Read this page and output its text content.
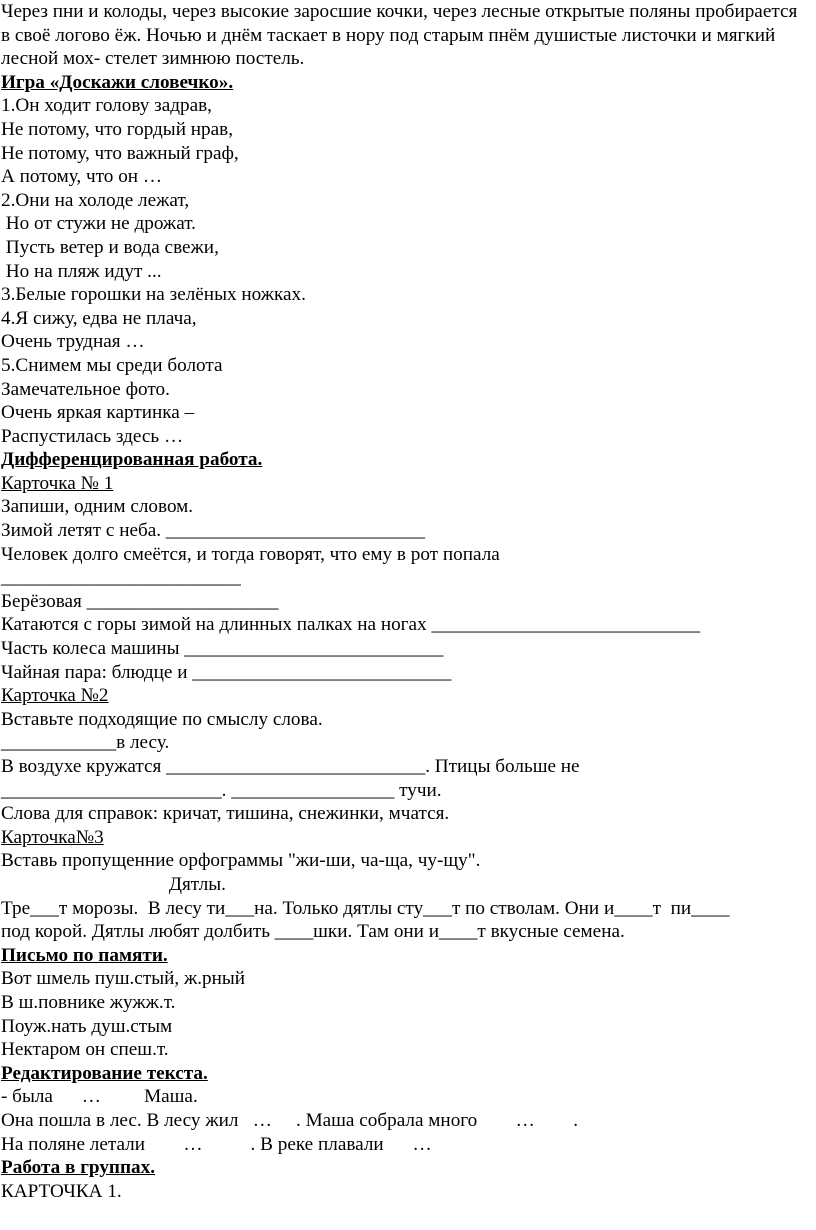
Через пни и колоды, через высокие заросшие кочки, через лесные открытые поляны пробирается в своё логово ёж. Ночью и днём таскает в нору под старым пнём душистые листочки и мягкий лесной мох- стелет зимнюю постель.

Игра «Доскажи словечко».
1.Он ходит голову задрав,
Не потому, что гордый нрав,
Не потому, что важный граф,
А потому, что он …
2.Они на холоде лежат,
Но от стужи не дрожат.
Пусть ветер и вода свежи,
Но на пляж идут ...
3.Белые горошки на зелёных ножках.
4.Я сижу, едва не плача,
Очень трудная …
5.Снимем мы среди болота
Замечательное фото.
Очень яркая картинка –
Распустилась здесь …
Дифференцированная работа.
Карточка № 1
Запиши, одним словом.
Зимой летят с неба. ___________________________
Человек долго смеётся, и тогда говорят, что ему в рот попала
_________________________
Берёзовая ____________________
Катаются с горы зимой на длинных палках на ногах ____________________________
Часть колеса машины ___________________________
Чайная пара: блюдце и ___________________________
Карточка №2
Вставьте подходящие по смыслу слова.
____________в лесу.
В воздухе кружатся ___________________________. Птицы больше не
_______________________. _________________ тучи.
Слова для справок: кричат, тишина, снежинки, мчатся.
Карточка№3
Вставь пропущенние орфограммы "жи-ши, ча-ща, чу-щу".
Дятлы.
Тре___т морозы.  В лесу ти___на. Только дятлы сту___т по стволам. Они и____т  пи____
под корой. Дятлы любят долбить ____шки. Там они и____т вкусные семена.
Письмо по памяти.
Вот шмель пуш.стый, ж.рный
В ш.повнике жужж.т.
Поуж.нать душ.стым
Нектаром он спеш.т.
Редактирование текста.
- была      …         Маша.
Она пошла в лес. В лесу жил   …     . Маша собрала много        …        .
На поляне летали        …          . В реке плавали      …
Работа в группах.
КАРТОЧКА 1.
